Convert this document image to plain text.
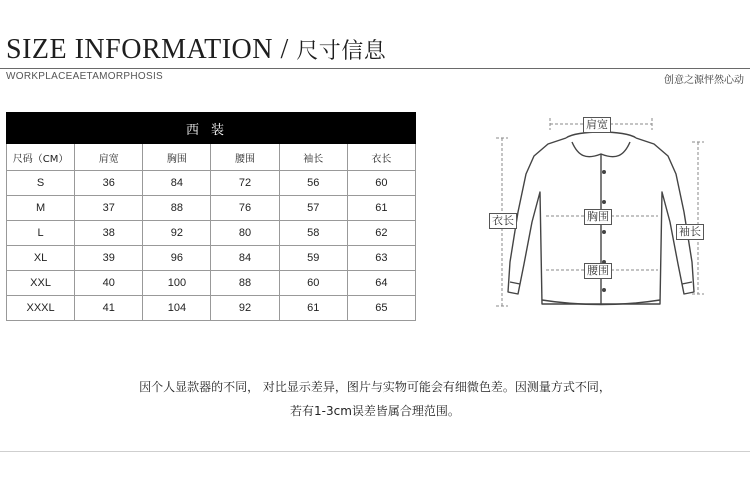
SIZE INFORMATION / 尺寸信息
WORKPLACEAETAMORPHOSIS	创意之源怦然心动
西装					
尺码（CM）	肩宽	胸围	腰围	袖长	衣长
S	36	84	72	56	60
M	37	88	76	57	61
L	38	92	80	58	62
XL	39	96	84	59	63
XXL	40	100	88	60	64
XXXL	41	104	92	61	65
肩宽
胸围
腰围
衣长
袖长
因个人显款器的不同， 对比显示差异，图片与实物可能会有细微色差。因测量方式不同，
若有1-3cm误差皆属合理范围。
